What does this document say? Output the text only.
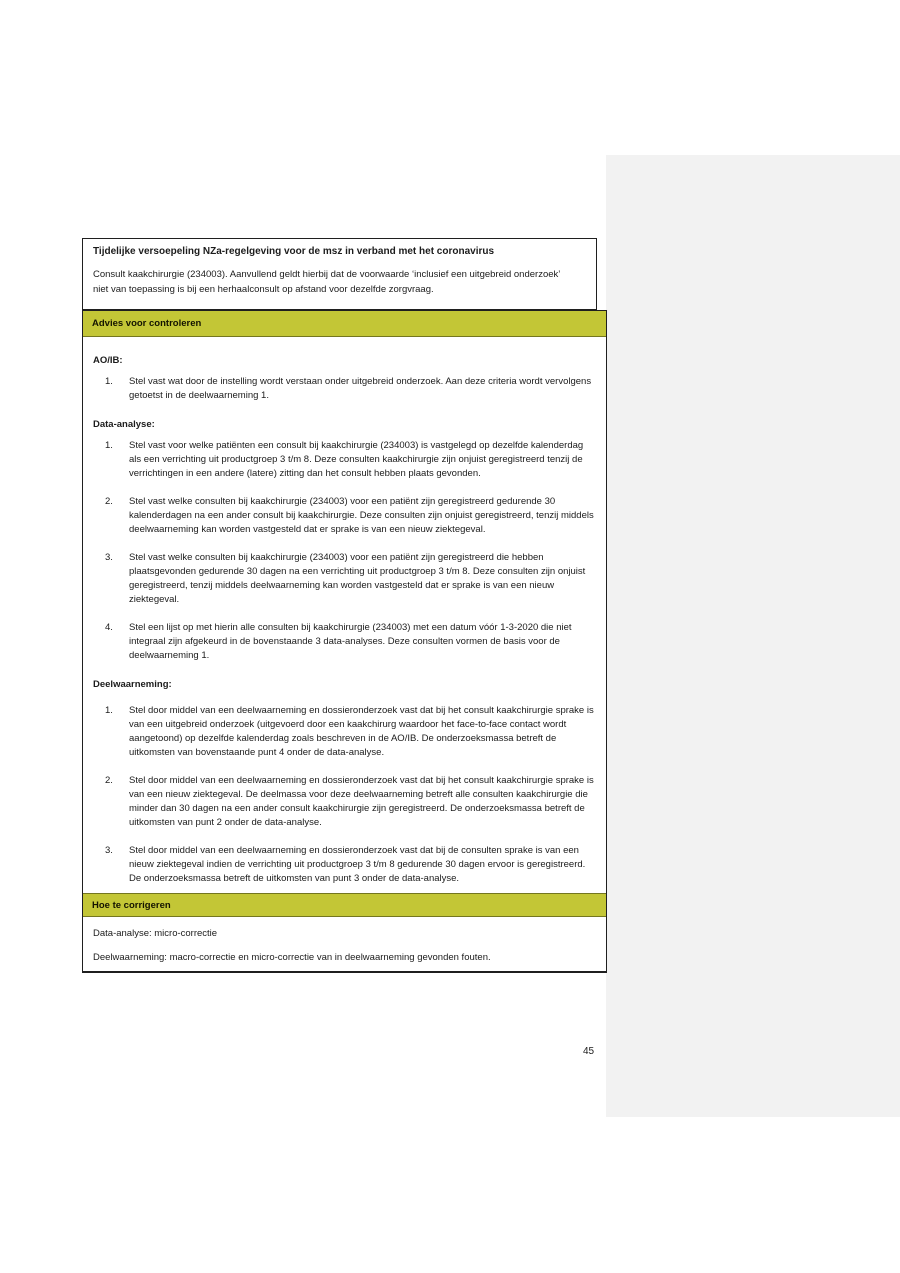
Tijdelijke versoepeling NZa-regelgeving voor de msz in verband met het coronavirus

Consult kaakchirurgie (234003). Aanvullend geldt hierbij dat de voorwaarde ‘inclusief een uitgebreid onderzoek’ niet van toepassing is bij een herhaalconsult op afstand voor dezelfde zorgvraag.

Advies voor controleren

AO/IB:

1.	Stel vast wat door de instelling wordt verstaan onder uitgebreid onderzoek. Aan deze criteria wordt vervolgens getoetst in de deelwaarneming 1.

Data-analyse:

1.	Stel vast voor welke patiënten een consult bij kaakchirurgie (234003) is vastgelegd op dezelfde kalenderdag als een verrichting uit productgroep 3 t/m 8. Deze consulten kaakchirurgie zijn onjuist geregistreerd tenzij de verrichtingen in een andere (latere) zitting dan het consult hebben plaats gevonden.
2.	Stel vast welke consulten bij kaakchirurgie (234003) voor een patiënt zijn geregistreerd gedurende 30 kalenderdagen na een ander consult bij kaakchirurgie. Deze consulten zijn onjuist geregistreerd, tenzij middels deelwaarneming kan worden vastgesteld dat er sprake is van een nieuw ziektegeval.
3.	Stel vast welke consulten bij kaakchirurgie (234003) voor een patiënt zijn geregistreerd die hebben plaatsgevonden gedurende 30 dagen na een verrichting uit productgroep 3 t/m 8. Deze consulten zijn onjuist geregistreerd, tenzij middels deelwaarneming kan worden vastgesteld dat er sprake is van een nieuw ziektegeval.
4.	Stel een lijst op met hierin alle consulten bij kaakchirurgie (234003) met een datum vóór 1-3-2020 die niet integraal zijn afgekeurd in de bovenstaande 3 data-analyses. Deze consulten vormen de basis voor de deelwaarneming 1.

Deelwaarneming:

1.	Stel door middel van een deelwaarneming en dossieronderzoek vast dat bij het consult kaakchirurgie sprake is van een uitgebreid onderzoek (uitgevoerd door een kaakchirurg waardoor het face-to-face contact wordt aangetoond) op dezelfde kalenderdag zoals beschreven in de AO/IB. De onderzoeksmassa betreft de uitkomsten van bovenstaande punt 4 onder de data-analyse.
2.	Stel door middel van een deelwaarneming en dossieronderzoek vast dat bij het consult kaakchirurgie sprake is van een nieuw ziektegeval. De deelmassa voor deze deelwaarneming betreft alle consulten kaakchirurgie die minder dan 30 dagen na een ander consult kaakchirurgie zijn geregistreerd. De onderzoeksmassa betreft de uitkomsten van punt 2 onder de data-analyse.
3.	Stel door middel van een deelwaarneming en dossieronderzoek vast dat bij de consulten sprake is van een nieuw ziektegeval indien de verrichting uit productgroep 3 t/m 8 gedurende 30 dagen ervoor is geregistreerd. De onderzoeksmassa betreft de uitkomsten van punt 3 onder de data-analyse.
Hoe te corrigeren

Data-analyse: micro-correctie

Deelwaarneming: macro-correctie en micro-correctie van in deelwaarneming gevonden fouten.

45
